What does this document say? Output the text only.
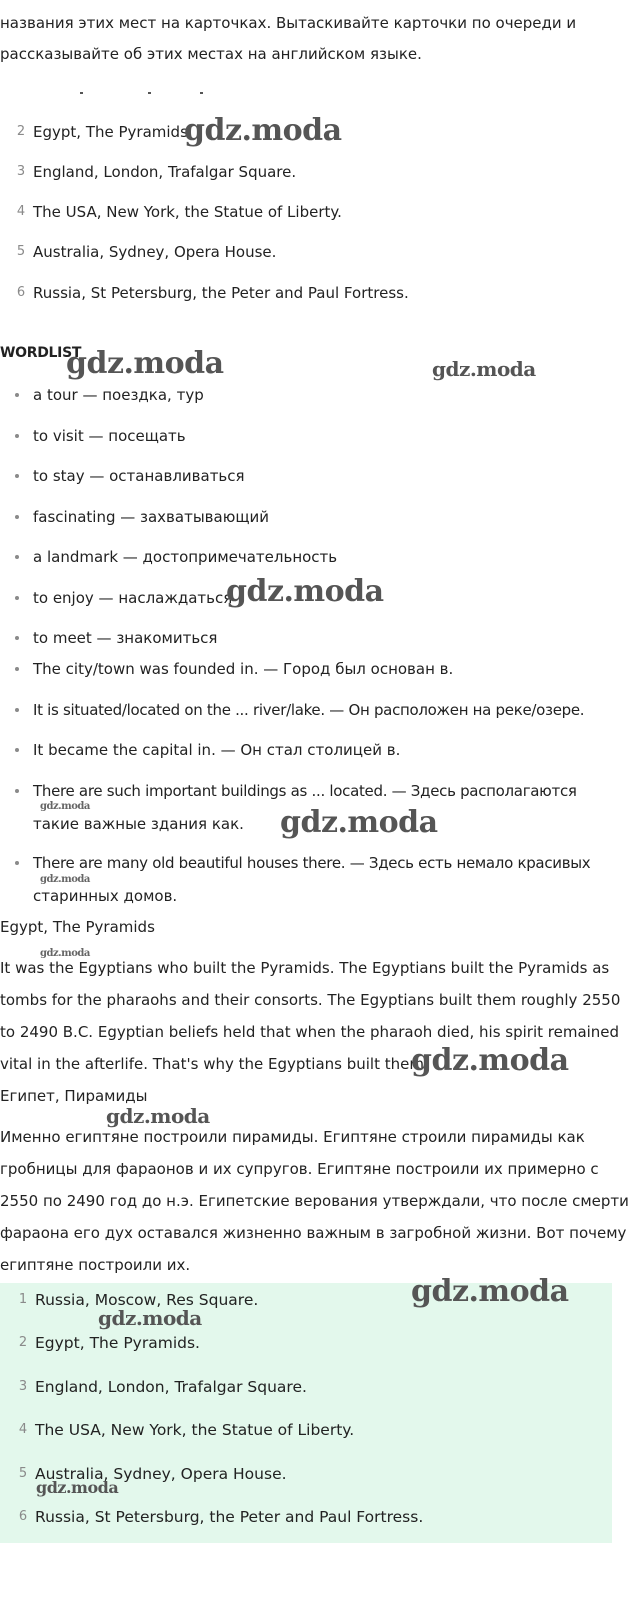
названия этих мест на карточках. Вытаскивайте карточки по очереди и

рассказывайте об этих местах на английском языке.

2 Egypt, The Pyramids.
3 England, London, Trafalgar Square.
4 The USA, New York, the Statue of Liberty.
5 Australia, Sydney, Opera House.
6 Russia, St Petersburg, the Peter and Paul Fortress.
WORDLIST
a tour — поездка, тур
to visit — посещать
to stay — останавливаться
fascinating — захватывающий
a landmark — достопримечательность
to enjoy — наслаждаться
to meet — знакомиться
The city/town was founded in. — Город был основан в.
It is situated/located on the ... river/lake. — Он расположен на реке/озере.
It became the capital in. — Он стал столицей в.
There are such important buildings as ... located. — Здесь располагаются
такие важные здания как.
There are many old beautiful houses there. — Здесь есть немало красивых
старинных домов.
Egypt, The Pyramids

It was the Egyptians who built the Pyramids. The Egyptians built the Pyramids as tombs for the pharaohs and their consorts. The Egyptians built them roughly 2550 to 2490 B.C. Egyptian beliefs held that when the pharaoh died, his spirit remained vital in the afterlife. That's why the Egyptians built them.

Египет, Пирамиды

Именно египтяне построили пирамиды. Египтяне строили пирамиды как гробницы для фараонов и их супругов. Египтяне построили их примерно с 2550 по 2490 год до н.э. Египетские верования утверждали, что после смерти фараона его дух оставался жизненно важным в загробной жизни. Вот почему египтяне построили их.

1 Russia, Moscow, Res Square.
2 Egypt, The Pyramids.
3 England, London, Trafalgar Square.
4 The USA, New York, the Statue of Liberty.
5 Australia, Sydney, Opera House.
6 Russia, St Petersburg, the Peter and Paul Fortress.
gdz.moda
gdz.moda	gdz.moda
gdz.moda
gdz.moda	gdz.moda
gdz.moda
gdz.moda
gdz.moda
gdz.moda
gdz.moda
gdz.moda
gdz.moda
